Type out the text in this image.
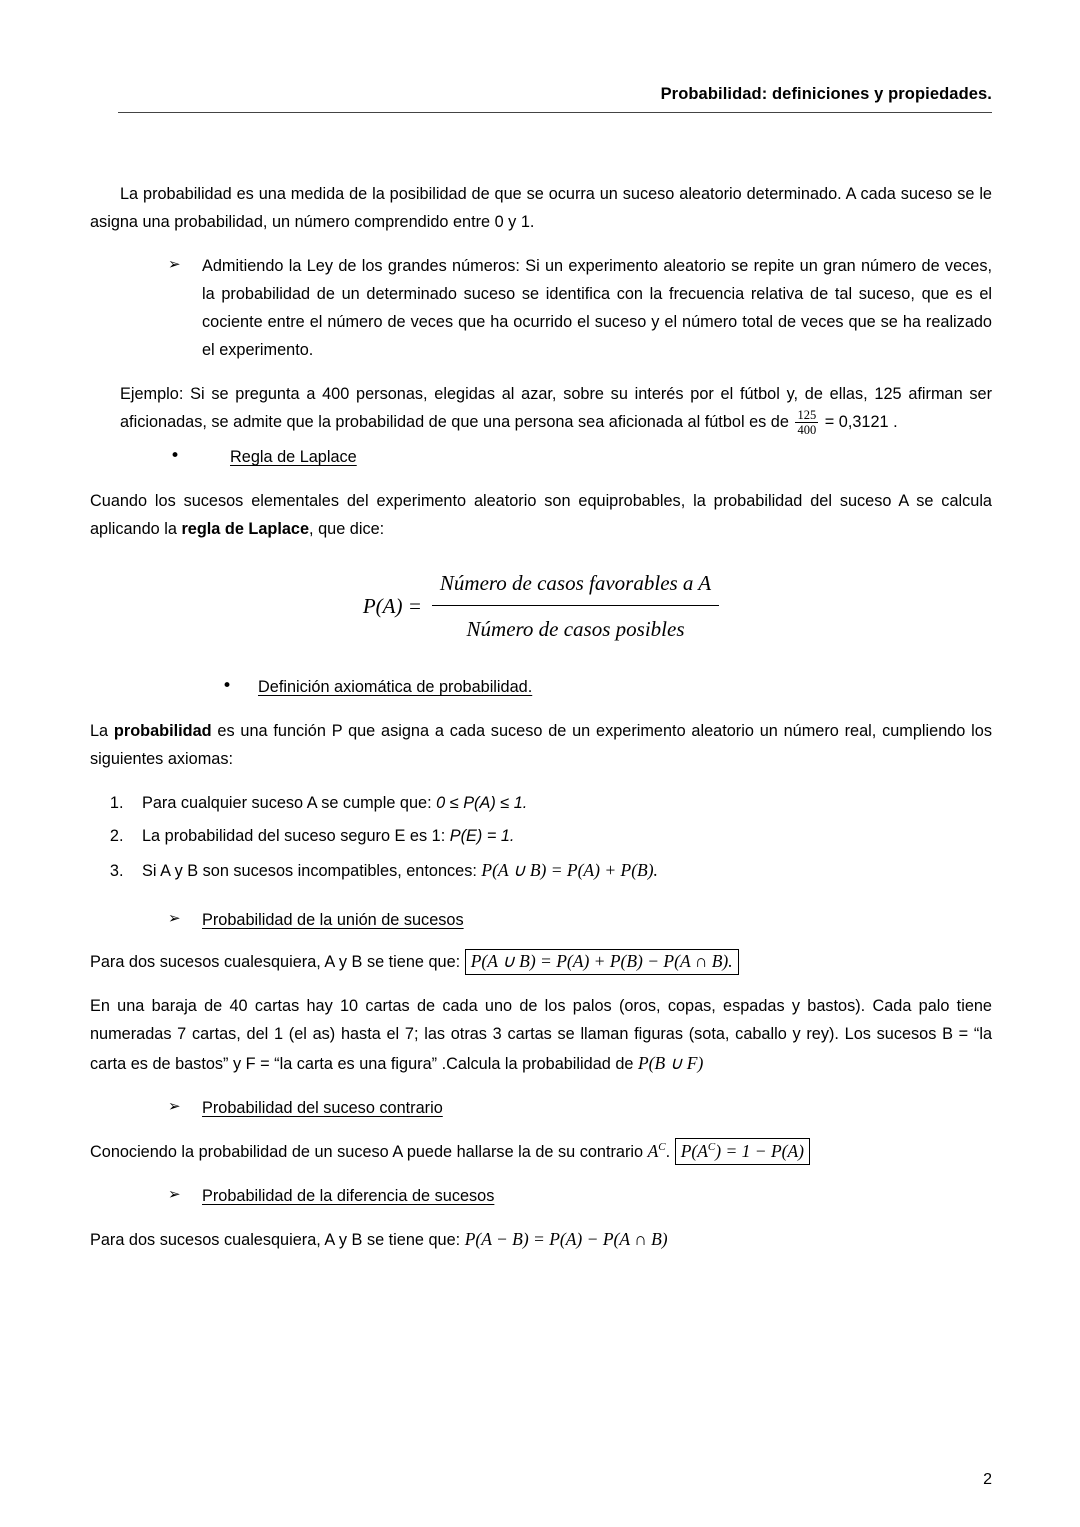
Probabilidad: definiciones y propiedades.

La probabilidad es una medida de la posibilidad de que se ocurra un suceso aleatorio determinado. A cada suceso se le asigna una probabilidad, un número comprendido entre 0 y 1.

➢ Admitiendo la Ley de los grandes números: Si un experimento aleatorio se repite un gran número de veces, la probabilidad de un determinado suceso se identifica con la frecuencia relativa de tal suceso, que es el cociente entre el número de veces que ha ocurrido el suceso y el número total de veces que se ha realizado el experimento.

Ejemplo: Si se pregunta a 400 personas, elegidas al azar, sobre su interés por el fútbol y, de ellas, 125 afirman ser aficionadas, se admite que la probabilidad de que una persona sea aficionada al fútbol es de $\frac{125}{400} = 0,3121$ .

•	Regla de Laplace

Cuando los sucesos elementales del experimento aleatorio son equiprobables, la probabilidad del suceso A se calcula aplicando la regla de Laplace, que dice:

$P(A) = \frac{\text{Número de casos favorables a A}}{\text{Número de casos posibles}}$
• Definición axiomática de probabilidad.

La probabilidad es una función P que asigna a cada suceso de un experimento aleatorio un número real, cumpliendo los siguientes axiomas:

1. Para cualquier suceso A se cumple que: 0 ≤ P(A) ≤ 1.
2. La probabilidad del suceso seguro E es 1: P(E) = 1.
3. Si A y B son sucesos incompatibles, entonces: P(A ∪ B) = P(A) + P(B).
➢ Probabilidad de la unión de sucesos

Para dos sucesos cualesquiera, A y B se tiene que: P(A ∪ B) = P(A) + P(B) − P(A ∩ B).

En una baraja de 40 cartas hay 10 cartas de cada uno de los palos (oros, copas, espadas y bastos). Cada palo tiene numeradas 7 cartas, del 1 (el as) hasta el 7; las otras 3 cartas se llaman figuras (sota, caballo y rey). Los sucesos B = “la carta es de bastos” y F = “la carta es una figura” .Calcula la probabilidad de P(B ∪ F)

➢ Probabilidad del suceso contrario

Conociendo la probabilidad de un suceso A puede hallarse la de su contrario $A^C$. $P(A^C) = 1 - P(A)$

➢ Probabilidad de la diferencia de sucesos

Para dos sucesos cualesquiera, A y B se tiene que: P(A − B) = P(A) − P(A ∩ B)

2
